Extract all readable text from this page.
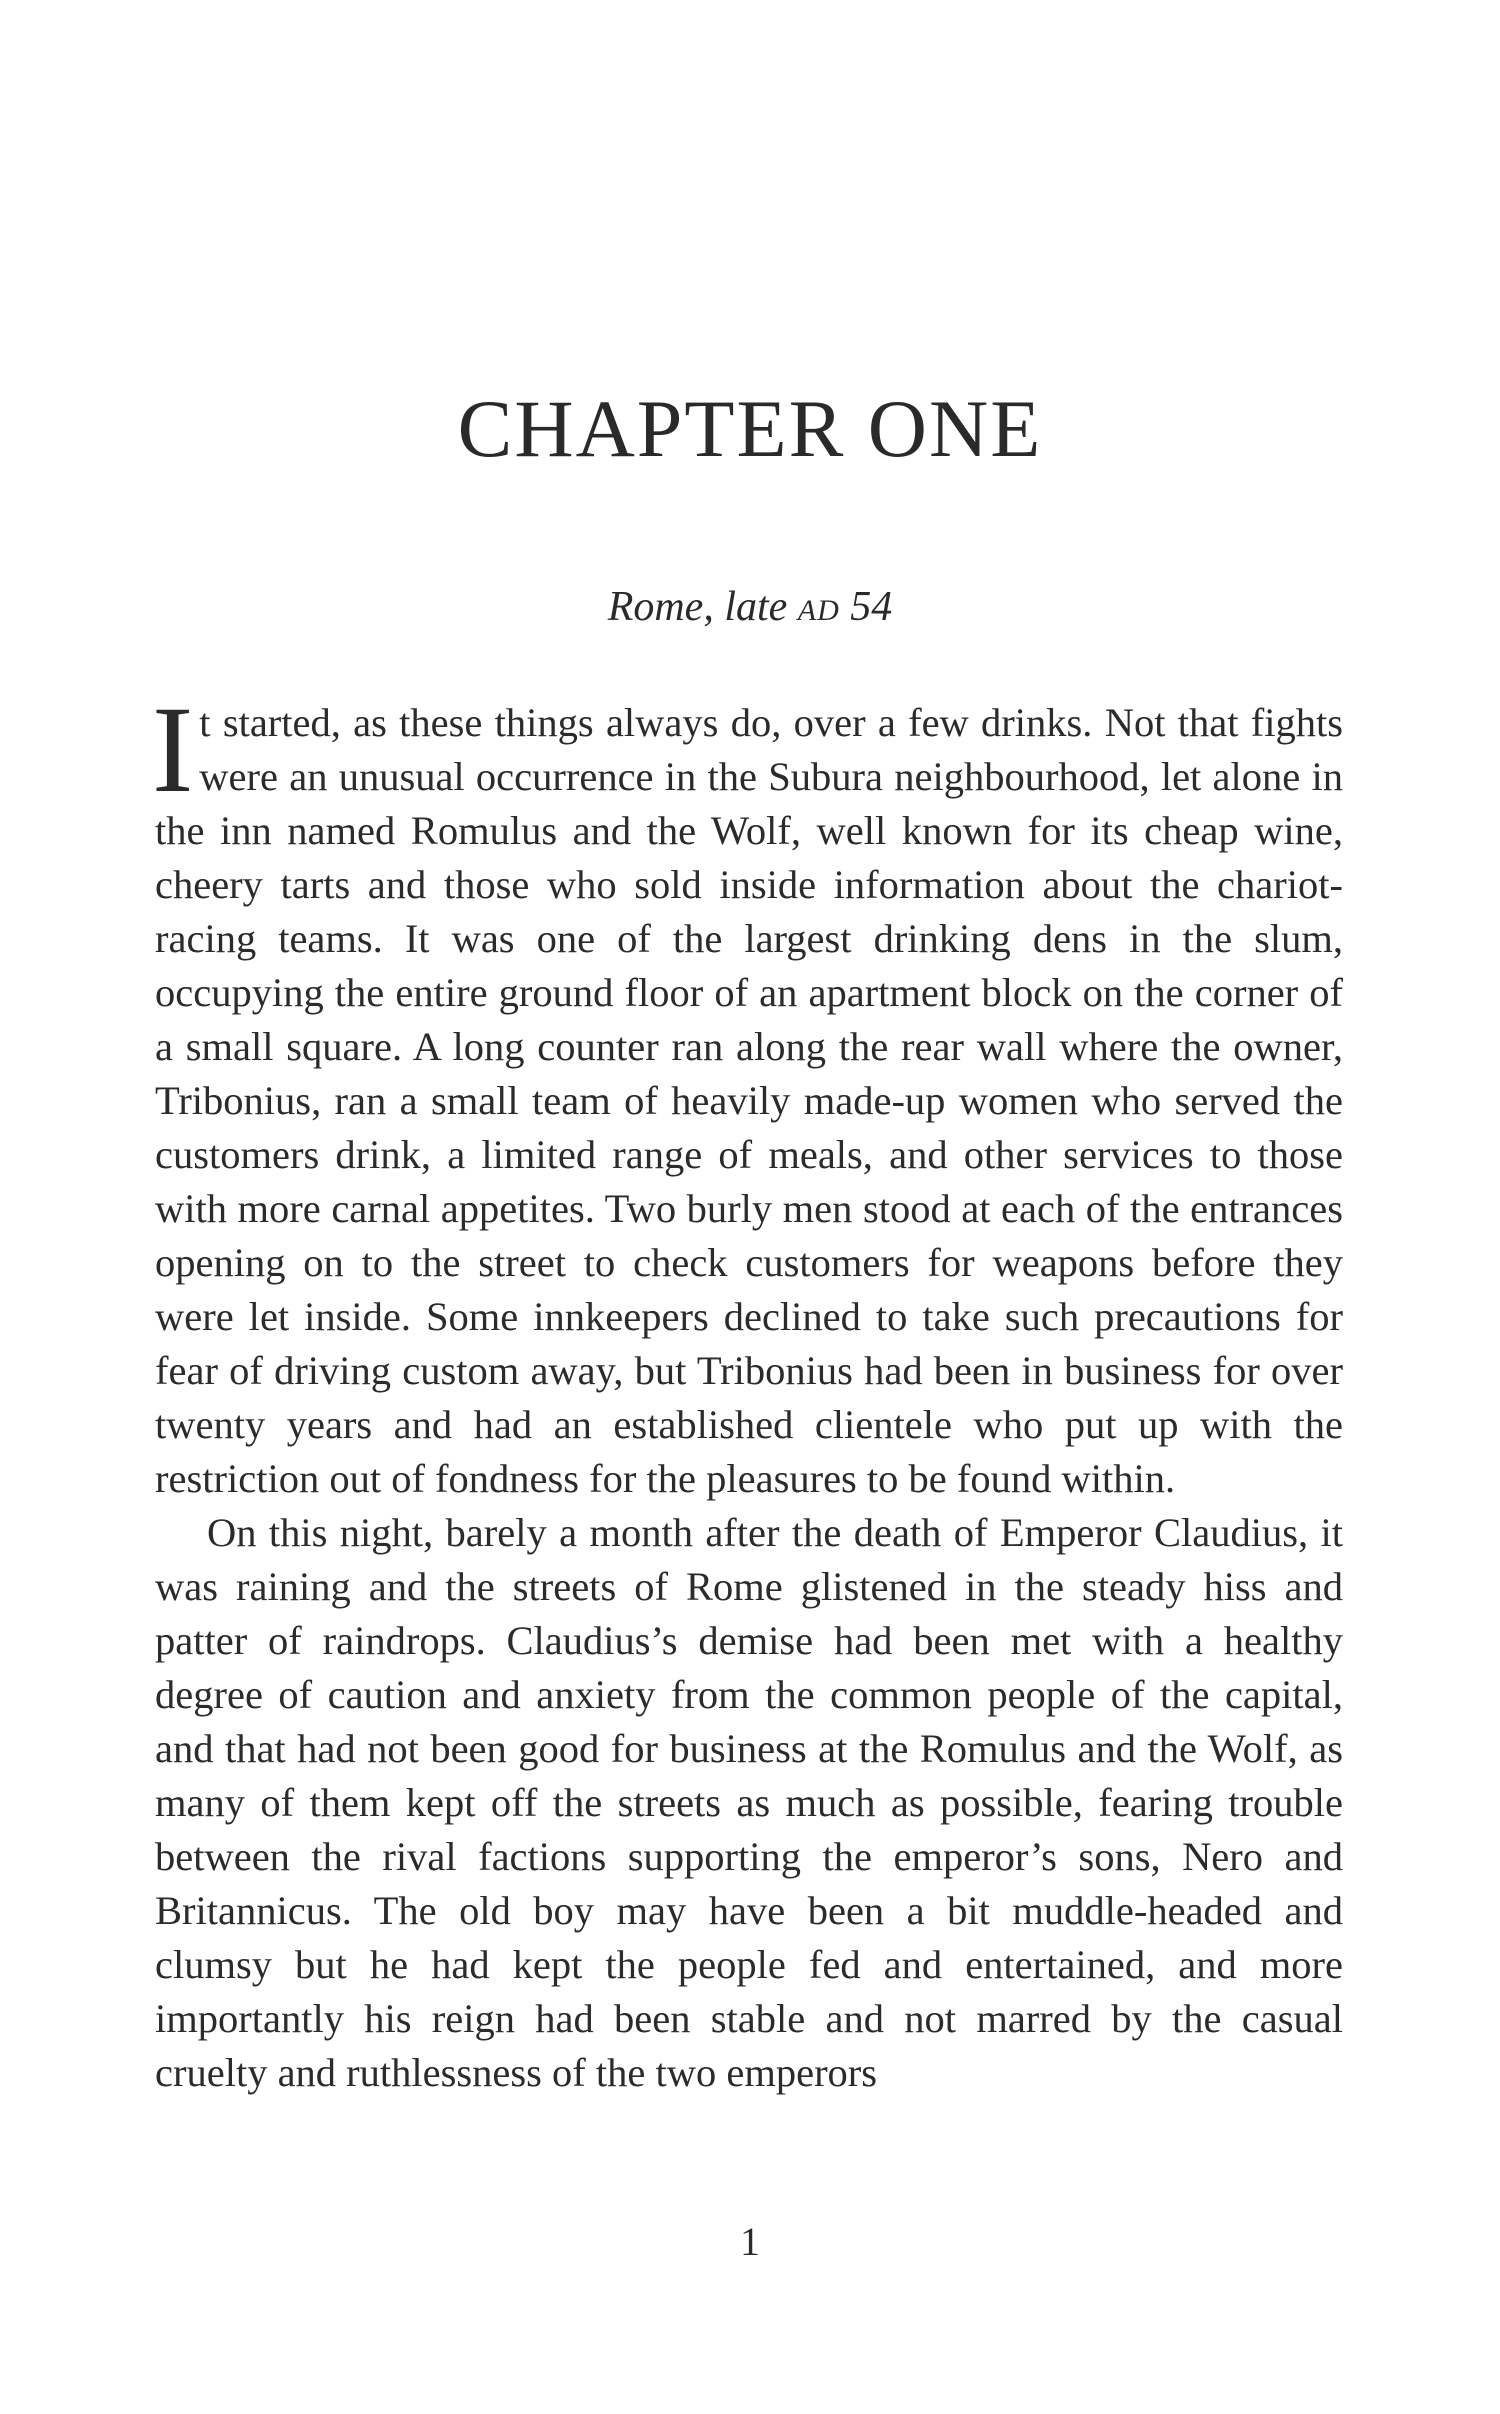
CHAPTER ONE
Rome, late AD 54

It started, as these things always do, over a few drinks. Not that fights were an unusual occurrence in the Subura neighbourhood, let alone in the inn named Romulus and the Wolf, well known for its cheap wine, cheery tarts and those who sold inside information about the chariot-racing teams. It was one of the largest drinking dens in the slum, occupying the entire ground floor of an apartment block on the corner of a small square. A long counter ran along the rear wall where the owner, Tribonius, ran a small team of heavily made-up women who served the customers drink, a limited range of meals, and other services to those with more carnal appetites. Two burly men stood at each of the entrances opening on to the street to check customers for weapons before they were let inside. Some innkeepers declined to take such precautions for fear of driving custom away, but Tribonius had been in business for over twenty years and had an established clientele who put up with the restriction out of fondness for the pleasures to be found within.

On this night, barely a month after the death of Emperor Claudius, it was raining and the streets of Rome glistened in the steady hiss and patter of raindrops. Claudius’s demise had been met with a healthy degree of caution and anxiety from the common people of the capital, and that had not been good for business at the Romulus and the Wolf, as many of them kept off the streets as much as possible, fearing trouble between the rival factions supporting the emperor’s sons, Nero and Britannicus. The old boy may have been a bit muddle-headed and clumsy but he had kept the people fed and entertained, and more importantly his reign had been stable and not marred by the casual cruelty and ruthlessness of the two emperors

1
